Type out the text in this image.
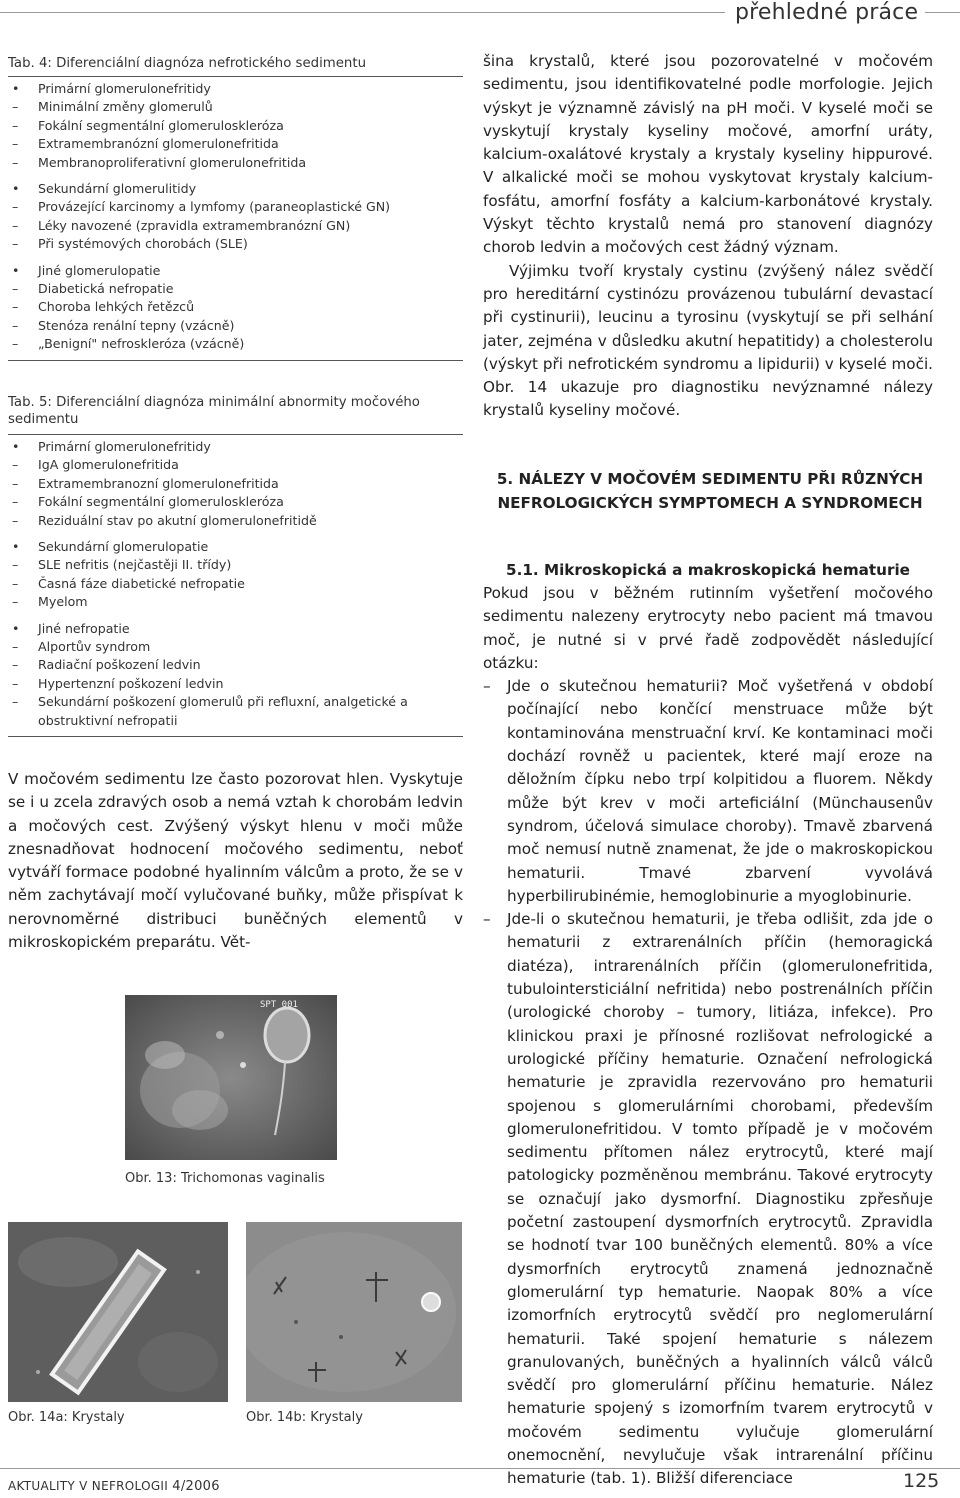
přehledné práce
Tab. 4: Diferenciální diagnóza nefrotického sedimentu
•	Primární glomerulonefritidy
–	Minimální změny glomerulů
–	Fokální segmentální glomeruloskleróza
–	Extramembranózní glomerulonefritida
–	Membranoproliferativní glomerulonefritida
•	Sekundární glomerulitidy
–	Provázející karcinomy a lymfomy (paraneoplastické GN)
–	Léky navozené (zpravidla extramembranózní GN)
–	Při systémových chorobách (SLE)
•	Jiné glomerulopatie
–	Diabetická nefropatie
–	Choroba lehkých řetězců
–	Stenóza renální tepny (vzácně)
–	„Benigní" nefroskleróza (vzácně)
Tab. 5: Diferenciální diagnóza minimální abnormity močového sedimentu
•	Primární glomerulonefritidy
–	IgA glomerulonefritida
–	Extramembranozní glomerulonefritida
–	Fokální segmentální glomeruloskleróza
–	Reziduální stav po akutní glomerulonefritidě
•	Sekundární glomerulopatie
–	SLE nefritis (nejčastěji II. třídy)
–	Časná fáze diabetické nefropatie
–	Myelom
•	Jiné nefropatie
–	Alportův syndrom
–	Radiační poškození ledvin
–	Hypertenzní poškození ledvin
–	Sekundární poškození glomerulů při refluxní, analgetické a obstruktivní nefropatii

V močovém sedimentu lze často pozorovat hlen. Vyskytuje se i u zcela zdravých osob a nemá vztah k chorobám ledvin a močových cest. Zvýšený výskyt hlenu v moči může znesnadňovat hodnocení močového sedimentu, neboť vytváří formace podobné hyalinním válcům a proto, že se v něm zachytávají močí vylučované buňky, může přispívat k nerovnoměrné distribuci buněčných elementů v mikroskopickém preparátu. Vět-

SPT 001
Obr. 13: Trichomonas vaginalis
Obr. 14a: Krystaly	Obr. 14b: Krystaly

šina krystalů, které jsou pozorovatelné v močovém sedimentu, jsou identifikovatelné podle morfologie. Jejich výskyt je významně závislý na pH moči. V kyselé moči se vyskytují krystaly kyseliny močové, amorfní uráty, kalcium-oxalátové krystaly a krystaly kyseliny hippurové. V alkalické moči se mohou vyskytovat krystaly kalcium-fosfátu, amorfní fosfáty a kalcium-karbonátové krystaly. Výskyt těchto krystalů nemá pro stanovení diagnózy chorob ledvin a močových cest žádný význam.

Výjimku tvoří krystaly cystinu (zvýšený nález svědčí pro hereditární cystinózu provázenou tubulární devastací při cystinurii), leucinu a tyrosinu (vyskytují se při selhání jater, zejména v důsledku akutní hepatitidy) a cholesterolu (výskyt při nefrotickém syndromu a lipidurii) v kyselé moči. Obr. 14 ukazuje pro diagnostiku nevýznamné nálezy krystalů kyseliny močové.

5. NÁLEZY V MOČOVÉM SEDIMENTU PŘI RŮZNÝCH NEFROLOGICKÝCH SYMPTOMECH A SYNDROMECH
5.1. Mikroskopická a makroskopická hematurie

Pokud jsou v běžném rutinním vyšetření močového sedimentu nalezeny erytrocyty nebo pacient má tmavou moč, je nutné si v prvé řadě zodpovědět následující otázku:

– Jde o skutečnou hematurii? Moč vyšetřená v období počínající nebo končící menstruace může být kontaminována menstruační krví. Ke kontaminaci moči dochází rovněž u pacientek, které mají eroze na děložním čípku nebo trpí kolpitidou a fluorem. Někdy může být krev v moči arteficiální (Münchausenův syndrom, účelová simulace choroby). Tmavě zbarvená moč nemusí nutně znamenat, že jde o makroskopickou hematurii. Tmavé zbarvení vyvolává hyperbilirubinémie, hemoglobinurie a myoglobinurie.
– Jde-li o skutečnou hematurii, je třeba odlišit, zda jde o hematurii z extrarenálních příčin (hemoragická diatéza), intrarenálních příčin (glomerulonefritida, tubulointersticiální nefritida) nebo postrenálních příčin (urologické choroby – tumory, litiáza, infekce). Pro klinickou praxi je přínosné rozlišovat nefrologické a urologické příčiny hematurie. Označení nefrologická hematurie je zpravidla rezervováno pro hematurii spojenou s glomerulárními chorobami, především glomerulonefritidou. V tomto případě je v močovém sedimentu přítomen nález erytrocytů, které mají patologicky pozměněnou membránu. Takové erytrocyty se označují jako dysmorfní. Diagnostiku zpřesňuje početní zastoupení dysmorfních erytrocytů. Zpravidla se hodnotí tvar 100 buněčných elementů. 80% a více dysmorfních erytrocytů znamená jednoznačně glomerulární typ hematurie. Naopak 80% a více izomorfních erytrocytů svědčí pro neglomerulární hematurii. Také spojení hematurie s nálezem granulovaných, buněčných a hyalinních válců válců svědčí pro glomerulární příčinu hematurie. Nález hematurie spojený s izomorfním tvarem erytrocytů v močovém sedimentu vylučuje glomerulární onemocnění, nevylučuje však intrarenální příčinu hematurie (tab. 1). Bližší diferenciace
AKTUALITY V NEFROLOGII 4/2006	125
